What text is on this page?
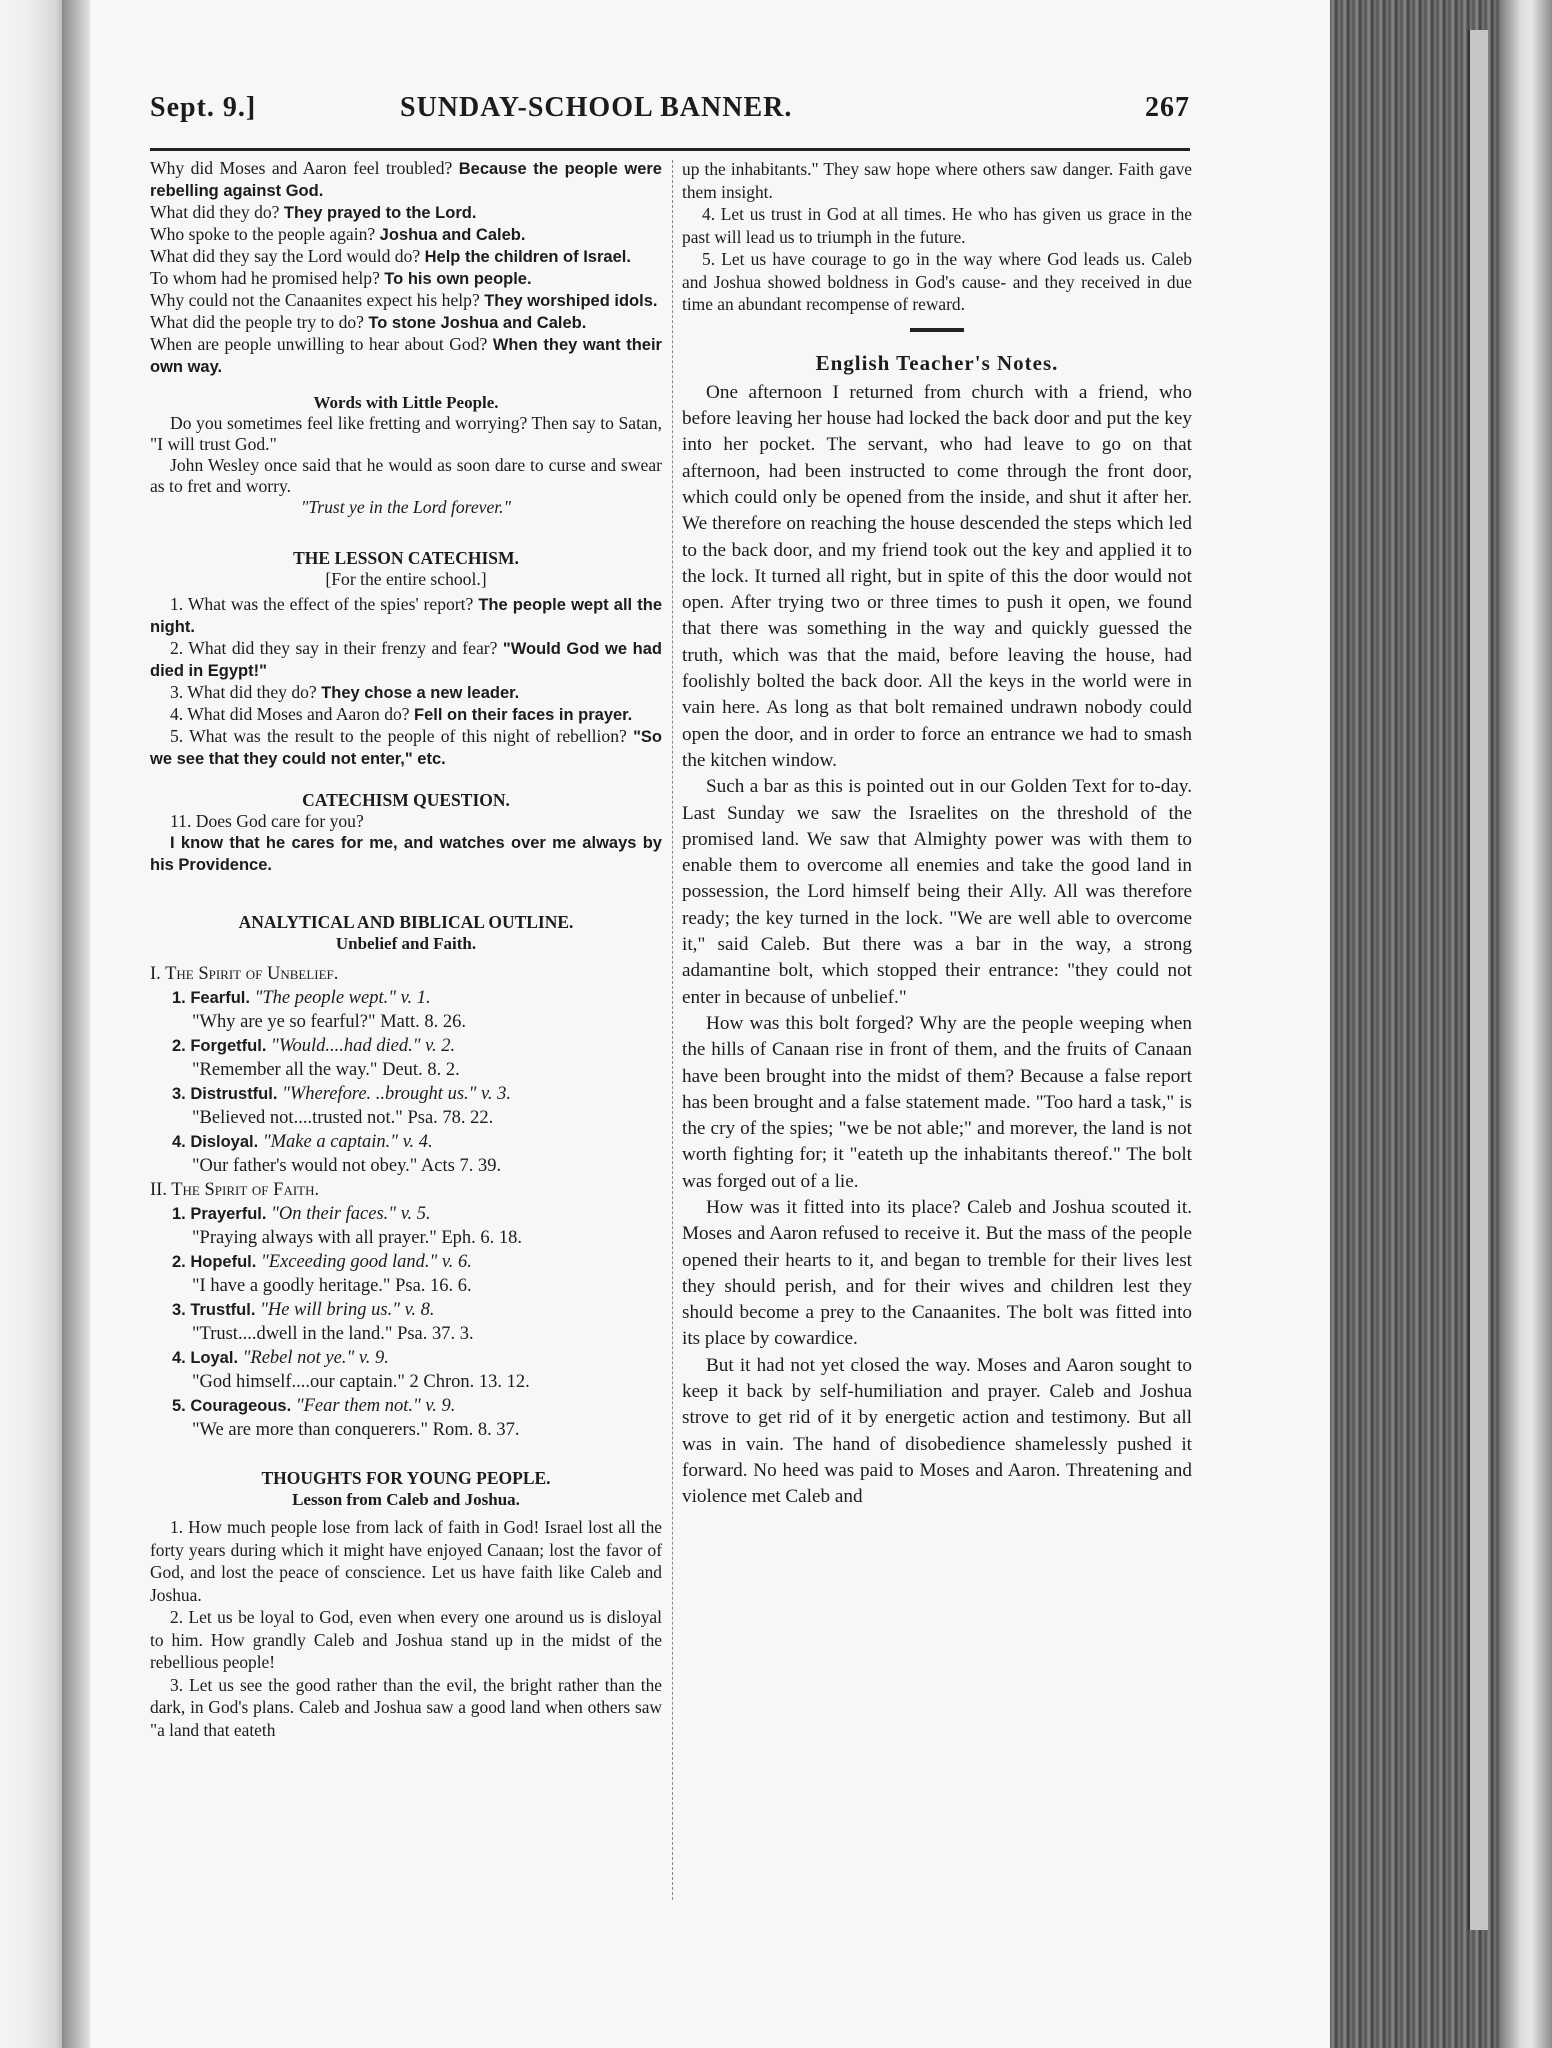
Sept. 9.]	SUNDAY-SCHOOL BANNER.	267

Why did Moses and Aaron feel troubled? Because the people were rebelling against God.

What did they do? They prayed to the Lord.

Who spoke to the people again? Joshua and Caleb.

What did they say the Lord would do? Help the children of Israel.

To whom had he promised help? To his own people.

Why could not the Canaanites expect his help? They worshiped idols.

What did the people try to do? To stone Joshua and Caleb.

When are people unwilling to hear about God? When they want their own way.

Words with Little People.

Do you sometimes feel like fretting and worrying? Then say to Satan, "I will trust God."

John Wesley once said that he would as soon dare to curse and swear as to fret and worry.

"Trust ye in the Lord forever."
THE LESSON CATECHISM.
[For the entire school.]

1. What was the effect of the spies' report? The people wept all the night.

2. What did they say in their frenzy and fear? "Would God we had died in Egypt!"

3. What did they do? They chose a new leader.

4. What did Moses and Aaron do? Fell on their faces in prayer.

5. What was the result to the people of this night of rebellion? "So we see that they could not enter," etc.

CATECHISM QUESTION.

11. Does God care for you?

I know that he cares for me, and watches over me always by his Providence.

ANALYTICAL AND BIBLICAL OUTLINE.
Unbelief and Faith.
I. The Spirit of Unbelief.
1. Fearful. "The people wept." v. 1.
"Why are ye so fearful?" Matt. 8. 26.
2. Forgetful. "Would....had died." v. 2.
"Remember all the way." Deut. 8. 2.
3. Distrustful. "Wherefore. ..brought us." v. 3.
"Believed not....trusted not." Psa. 78. 22.
4. Disloyal. "Make a captain." v. 4.
"Our father's would not obey." Acts 7. 39.
II. The Spirit of Faith.
1. Prayerful. "On their faces." v. 5.
"Praying always with all prayer." Eph. 6. 18.
2. Hopeful. "Exceeding good land." v. 6.
"I have a goodly heritage." Psa. 16. 6.
3. Trustful. "He will bring us." v. 8.
"Trust....dwell in the land." Psa. 37. 3.
4. Loyal. "Rebel not ye." v. 9.
"God himself....our captain." 2 Chron. 13. 12.
5. Courageous. "Fear them not." v. 9.
"We are more than conquerers." Rom. 8. 37.
THOUGHTS FOR YOUNG PEOPLE.
Lesson from Caleb and Joshua.

1. How much people lose from lack of faith in God! Israel lost all the forty years during which it might have enjoyed Canaan; lost the favor of God, and lost the peace of conscience. Let us have faith like Caleb and Joshua.

2. Let us be loyal to God, even when every one around us is disloyal to him. How grandly Caleb and Joshua stand up in the midst of the rebellious people!

3. Let us see the good rather than the evil, the bright rather than the dark, in God's plans. Caleb and Joshua saw a good land when others saw "a land that eateth

up the inhabitants." They saw hope where others saw danger. Faith gave them insight.

4. Let us trust in God at all times. He who has given us grace in the past will lead us to triumph in the future.

5. Let us have courage to go in the way where God leads us. Caleb and Joshua showed boldness in God's cause- and they received in due time an abundant recompense of reward.

English Teacher's Notes.

One afternoon I returned from church with a friend, who before leaving her house had locked the back door and put the key into her pocket. The servant, who had leave to go on that afternoon, had been instructed to come through the front door, which could only be opened from the inside, and shut it after her. We therefore on reaching the house descended the steps which led to the back door, and my friend took out the key and applied it to the lock. It turned all right, but in spite of this the door would not open. After trying two or three times to push it open, we found that there was something in the way and quickly guessed the truth, which was that the maid, before leaving the house, had foolishly bolted the back door. All the keys in the world were in vain here. As long as that bolt remained undrawn nobody could open the door, and in order to force an entrance we had to smash the kitchen window.

Such a bar as this is pointed out in our Golden Text for to-day. Last Sunday we saw the Israelites on the threshold of the promised land. We saw that Almighty power was with them to enable them to overcome all enemies and take the good land in possession, the Lord himself being their Ally. All was therefore ready; the key turned in the lock. "We are well able to overcome it," said Caleb. But there was a bar in the way, a strong adamantine bolt, which stopped their entrance: "they could not enter in because of unbelief."

How was this bolt forged? Why are the people weeping when the hills of Canaan rise in front of them, and the fruits of Canaan have been brought into the midst of them? Because a false report has been brought and a false statement made. "Too hard a task," is the cry of the spies; "we be not able;" and morever, the land is not worth fighting for; it "eateth up the inhabitants thereof." The bolt was forged out of a lie.

How was it fitted into its place? Caleb and Joshua scouted it. Moses and Aaron refused to receive it. But the mass of the people opened their hearts to it, and began to tremble for their lives lest they should perish, and for their wives and children lest they should become a prey to the Canaanites. The bolt was fitted into its place by cowardice.

But it had not yet closed the way. Moses and Aaron sought to keep it back by self-humiliation and prayer. Caleb and Joshua strove to get rid of it by energetic action and testimony. But all was in vain. The hand of disobedience shamelessly pushed it forward. No heed was paid to Moses and Aaron. Threatening and violence met Caleb and
